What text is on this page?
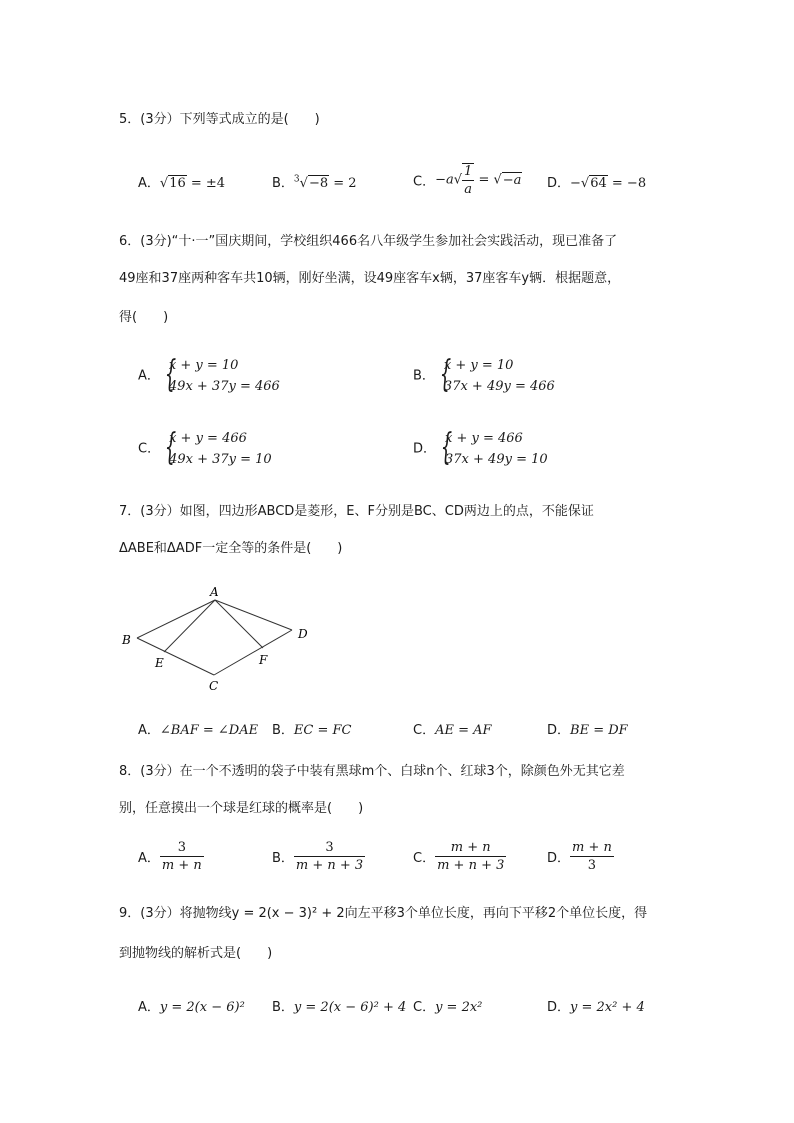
5．(3分）下列等式成立的是(　　)
A．√16 = ±4	B．$^3$√−8 = 2	C．$-a√ \frac{1}{a} = √-a$ D．−√64 = −8
6．(3分)“十·一”国庆期间，学校组织466名八年级学生参加社会实践活动，现已准备了
49座和37座两种客车共10辆，刚好坐满，设49座客车x辆，37座客车y辆．根据题意，
得(　　)
A．{ x + y = 10
49x + 37y = 466
B．{ x + y = 10
37x + 49y = 466
C．{ x + y = 466
49x + 37y = 10
D．{ x + y = 466
37x + 49y = 10
7．(3分）如图，四边形ABCD是菱形，E、F分别是BC、CD两边上的点，不能保证
ΔABE和ΔADF一定全等的条件是(　　)
A
B
C
D
E	F
A．∠BAF = ∠DAE B．EC = FC	C．AE = AF	D．BE = DF
8．(3分）在一个不透明的袋子中装有黑球m个、白球n个、红球3个，除颜色外无其它差
别，任意摸出一个球是红球的概率是(　　)
A． $\frac{3}{m + n}$	B． $\frac{3}{m + n + 3}$	C． $\frac{m + n}{m + n + 3}$	D． $\frac{m + n}{3}$
9．(3分）将抛物线y = 2(x − 3)² + 2向左平移3个单位长度，再向下平移2个单位长度，得
到抛物线的解析式是(　　)
A．y = 2(x − 6)² B．y = 2(x − 6)² + 4 C．y = 2x²	D．y = 2x² + 4
